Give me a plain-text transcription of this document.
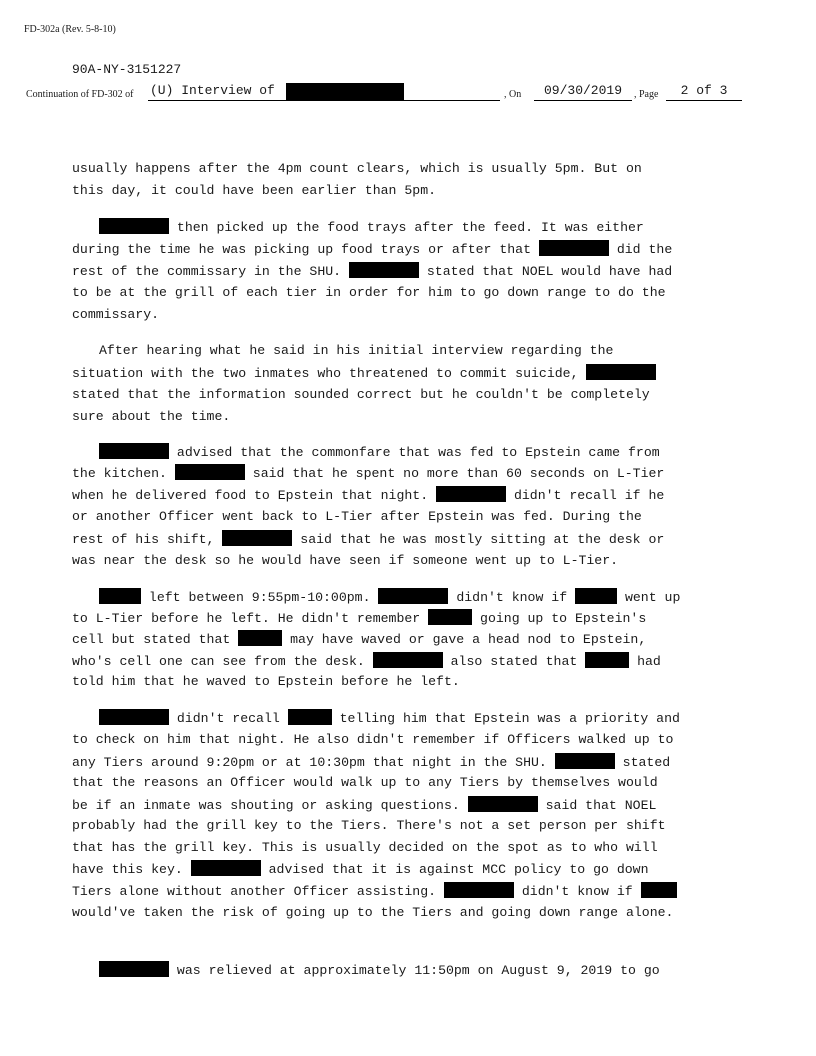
FD-302a (Rev. 5-8-10)
90A-NY-3151227
Continuation of FD-302 of (U) Interview of	, On	09/30/2019	, Page	2 of 3
usually happens after the 4pm count clears, which is usually 5pm. But on
this day, it could have been earlier than 5pm.
then picked up the food trays after the feed. It was either
during the time he was picking up food trays or after that	did the
rest of the commissary in the SHU.	stated that NOEL would have had
to be at the grill of each tier in order for him to go down range to do the
commissary.
After hearing what he said in his initial interview regarding the
situation with the two inmates who threatened to commit suicide,
stated that the information sounded correct but he couldn't be completely
sure about the time.
advised that the commonfare that was fed to Epstein came from
the kitchen.	said that he spent no more than 60 seconds on L-Tier
when he delivered food to Epstein that night.	didn't recall if he
or another Officer went back to L-Tier after Epstein was fed. During the
rest of his shift,	said that he was mostly sitting at the desk or
was near the desk so he would have seen if someone went up to L-Tier.
left between 9:55pm-10:00pm.	didn't know if	went up
to L-Tier before he left. He didn't remember	going up to Epstein's
cell but stated that	may have waved or gave a head nod to Epstein,
who's cell one can see from the desk.	also stated that	had
told him that he waved to Epstein before he left.
didn't recall	telling him that Epstein was a priority and
to check on him that night. He also didn't remember if Officers walked up to
any Tiers around 9:20pm or at 10:30pm that night in the SHU.	stated
that the reasons an Officer would walk up to any Tiers by themselves would
be if an inmate was shouting or asking questions.	said that NOEL
probably had the grill key to the Tiers. There's not a set person per shift
that has the grill key. This is usually decided on the spot as to who will
have this key.	advised that it is against MCC policy to go down
Tiers alone without another Officer assisting.	didn't know if
would've taken the risk of going up to the Tiers and going down range alone.
was relieved at approximately 11:50pm on August 9, 2019 to go
